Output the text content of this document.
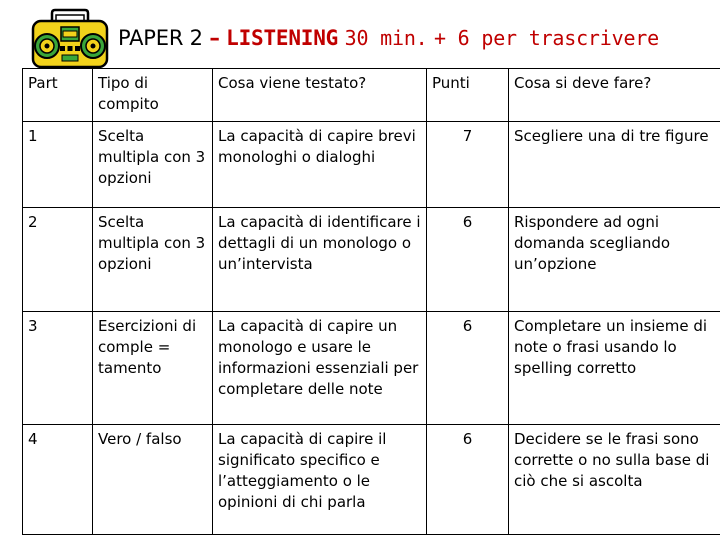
PAPER 2 – LISTENING 30 min. + 6 per trascrivere
Part	Tipo di compito	Cosa viene testato?	Punti	Cosa si deve fare?
1	Scelta multipla con 3 opzioni	La capacità di capire brevi monologhi o dialoghi	7	Scegliere una di tre figure
2	Scelta multipla con 3 opzioni	La capacità di identificare i dettagli di un monologo o un’intervista	6	Rispondere ad ogni domanda scegliando un’opzione
3	Esercizioni di comple = tamento	La capacità di capire un monologo e usare le informazioni essenziali per completare delle note	6	Completare un insieme di note o frasi usando lo spelling corretto
4	Vero / falso	La capacità di capire il significato specifico e l’atteggiamento o le opinioni di chi parla	6	Decidere se le frasi sono corrette o no sulla base di ciò che si ascolta
